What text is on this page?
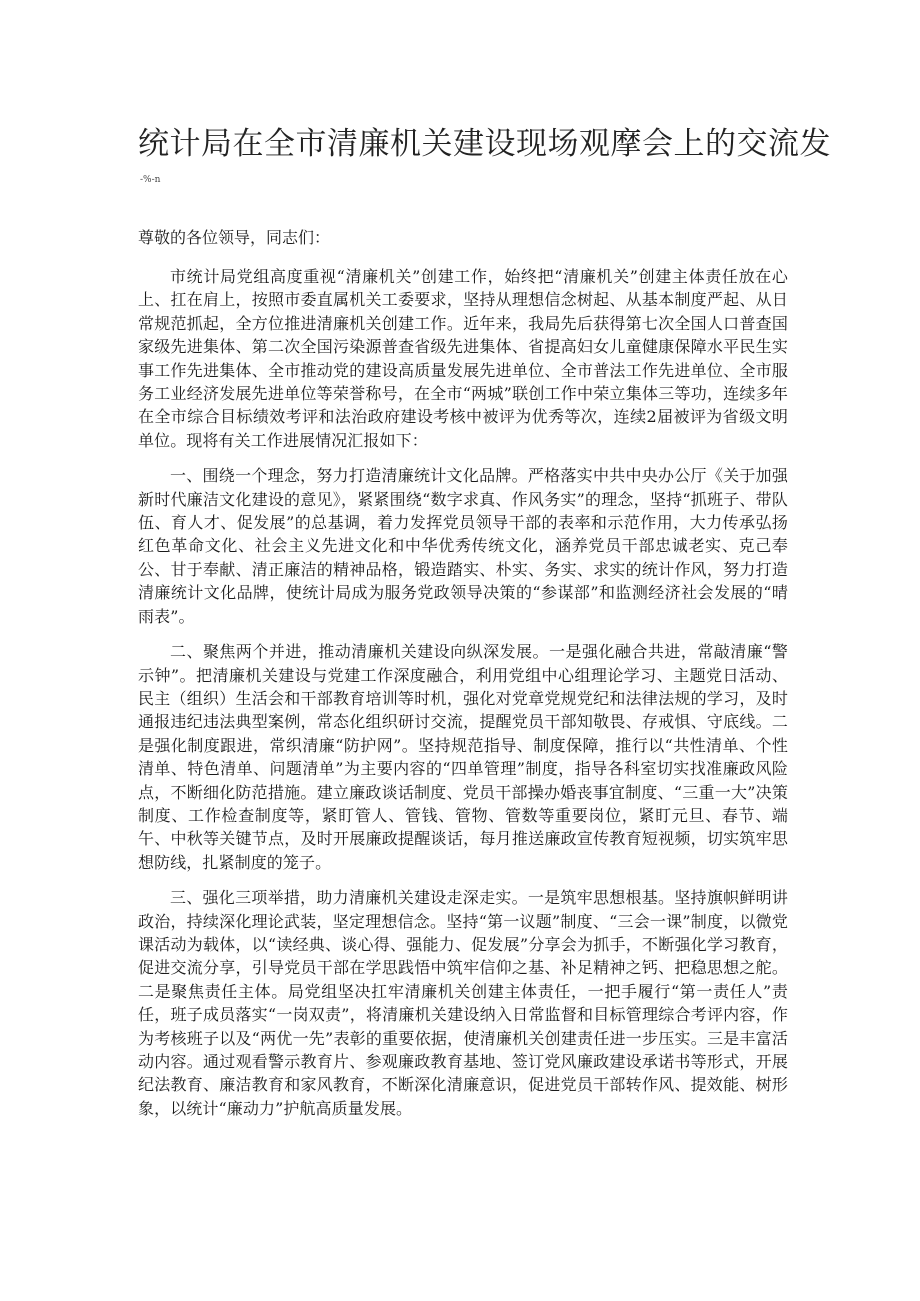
统计局在全市清廉机关建设现场观摩会上的交流发
-%-n

尊敬的各位领导，同志们：

市统计局党组高度重视“清廉机关”创建工作，始终把“清廉机关”创建主体责任放在心上、扛在肩上，按照市委直属机关工委要求，坚持从理想信念树起、从基本制度严起、从日常规范抓起，全方位推进清廉机关创建工作。近年来，我局先后获得第七次全国人口普查国家级先进集体、第二次全国污染源普查省级先进集体、省提高妇女儿童健康保障水平民生实事工作先进集体、全市推动党的建设高质量发展先进单位、全市普法工作先进单位、全市服务工业经济发展先进单位等荣誉称号，在全市“两城”联创工作中荣立集体三等功，连续多年在全市综合目标绩效考评和法治政府建设考核中被评为优秀等次，连续2届被评为省级文明单位。现将有关工作进展情况汇报如下：

一、围绕一个理念，努力打造清廉统计文化品牌。严格落实中共中央办公厅《关于加强新时代廉洁文化建设的意见》，紧紧围绕“数字求真、作风务实”的理念，坚持“抓班子、带队伍、育人才、促发展”的总基调，着力发挥党员领导干部的表率和示范作用，大力传承弘扬红色革命文化、社会主义先进文化和中华优秀传统文化，涵养党员干部忠诚老实、克己奉公、甘于奉献、清正廉洁的精神品格，锻造踏实、朴实、务实、求实的统计作风，努力打造清廉统计文化品牌，使统计局成为服务党政领导决策的“参谋部”和监测经济社会发展的“晴雨表”。

二、聚焦两个并进，推动清廉机关建设向纵深发展。一是强化融合共进，常敲清廉“警示钟”。把清廉机关建设与党建工作深度融合，利用党组中心组理论学习、主题党日活动、民主（组织）生活会和干部教育培训等时机，强化对党章党规党纪和法律法规的学习，及时通报违纪违法典型案例，常态化组织研讨交流，提醒党员干部知敬畏、存戒惧、守底线。二是强化制度跟进，常织清廉“防护网”。坚持规范指导、制度保障，推行以“共性清单、个性清单、特色清单、问题清单”为主要内容的“四单管理”制度，指导各科室切实找准廉政风险点，不断细化防范措施。建立廉政谈话制度、党员干部操办婚丧事宜制度、“三重一大”决策制度、工作检查制度等，紧盯管人、管钱、管物、管数等重要岗位，紧盯元旦、春节、端午、中秋等关键节点，及时开展廉政提醒谈话，每月推送廉政宣传教育短视频，切实筑牢思想防线，扎紧制度的笼子。

三、强化三项举措，助力清廉机关建设走深走实。一是筑牢思想根基。坚持旗帜鲜明讲政治，持续深化理论武装，坚定理想信念。坚持“第一议题”制度、“三会一课”制度，以微党课活动为载体，以“读经典、谈心得、强能力、促发展”分享会为抓手，不断强化学习教育，促进交流分享，引导党员干部在学思践悟中筑牢信仰之基、补足精神之钙、把稳思想之舵。二是聚焦责任主体。局党组坚决扛牢清廉机关创建主体责任，一把手履行“第一责任人”责任，班子成员落实“一岗双责”，将清廉机关建设纳入日常监督和目标管理综合考评内容，作为考核班子以及“两优一先”表彰的重要依据，使清廉机关创建责任进一步压实。三是丰富活动内容。通过观看警示教育片、参观廉政教育基地、签订党风廉政建设承诺书等形式，开展纪法教育、廉洁教育和家风教育，不断深化清廉意识，促进党员干部转作风、提效能、树形象，以统计“廉动力”护航高质量发展。
